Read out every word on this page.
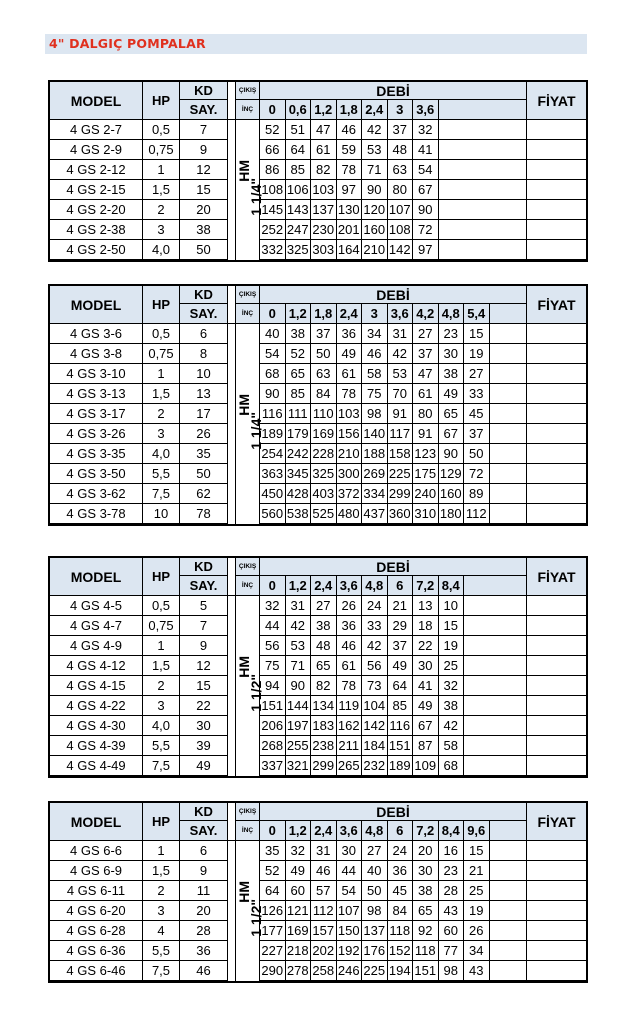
4" DALGIÇ POMPALAR
MODEL	HP
KD
SAY.
ÇIKIŞ
İNÇ
DEBİ
FİYAT
0 0,6 1,2 1,8 2,4 3 3,6
HM
1 1/4"
4 GS 2-7	0,5	7	52 51 47 46 42 37 32
4 GS 2-9	0,75	9	66 64 61 59 53 48 41
4 GS 2-12	1	12	86 85 82 78 71 63 54
4 GS 2-15	1,5	15	108 106 103 97 90 80 67
4 GS 2-20	2	20	145 143 137 130 120 107 90
4 GS 2-38	3	38	252 247 230 201 160 108 72
4 GS 2-50	4,0	50	332 325 303 164 210 142 97
MODEL	HP
KD
SAY.
ÇIKIŞ
İNÇ
DEBİ
FİYAT
0 1,2 1,8 2,4 3 3,6 4,2 4,8 5,4
HM
1 1/4"
4 GS 3-6	0,5	6	40 38 37 36 34 31 27 23 15
4 GS 3-8	0,75	8	54 52 50 49 46 42 37 30 19
4 GS 3-10	1	10	68 65 63 61 58 53 47 38 27
4 GS 3-13	1,5	13	90 85 84 78 75 70 61 49 33
4 GS 3-17	2	17	116 111 110 103 98 91 80 65 45
4 GS 3-26	3	26	189 179 169 156 140 117 91 67 37
4 GS 3-35	4,0	35	254 242 228 210 188 158 123 90 50
4 GS 3-50	5,5	50	363 345 325 300 269 225 175 129 72
4 GS 3-62	7,5	62	450 428 403 372 334 299 240 160 89
4 GS 3-78	10	78	560 538 525 480 437 360 310 180 112
MODEL	HP
KD
SAY.
ÇIKIŞ
İNÇ
DEBİ
FİYAT
0 1,2 2,4 3,6 4,8 6 7,2 8,4
HM
1 1/2"
4 GS 4-5	0,5	5	32 31 27 26 24 21 13 10
4 GS 4-7	0,75	7	44 42 38 36 33 29 18 15
4 GS 4-9	1	9	56 53 48 46 42 37 22 19
4 GS 4-12	1,5	12	75 71 65 61 56 49 30 25
4 GS 4-15	2	15	94 90 82 78 73 64 41 32
4 GS 4-22	3	22	151 144 134 119 104 85 49 38
4 GS 4-30	4,0	30	206 197 183 162 142 116 67 42
4 GS 4-39	5,5	39	268 255 238 211 184 151 87 58
4 GS 4-49	7,5	49	337 321 299 265 232 189 109 68
MODEL	HP
KD
SAY.
ÇIKIŞ
İNÇ
DEBİ
FİYAT
0 1,2 2,4 3,6 4,8 6 7,2 8,4 9,6
HM
1 1/2"
4 GS 6-6	1	6	35 32 31 30 27 24 20 16 15
4 GS 6-9	1,5	9	52 49 46 44 40 36 30 23 21
4 GS 6-11	2	11	64 60 57 54 50 45 38 28 25
4 GS 6-20	3	20	126 121 112 107 98 84 65 43 19
4 GS 6-28	4	28	177 169 157 150 137 118 92 60 26
4 GS 6-36	5,5	36	227 218 202 192 176 152 118 77 34
4 GS 6-46	7,5	46	290 278 258 246 225 194 151 98 43
